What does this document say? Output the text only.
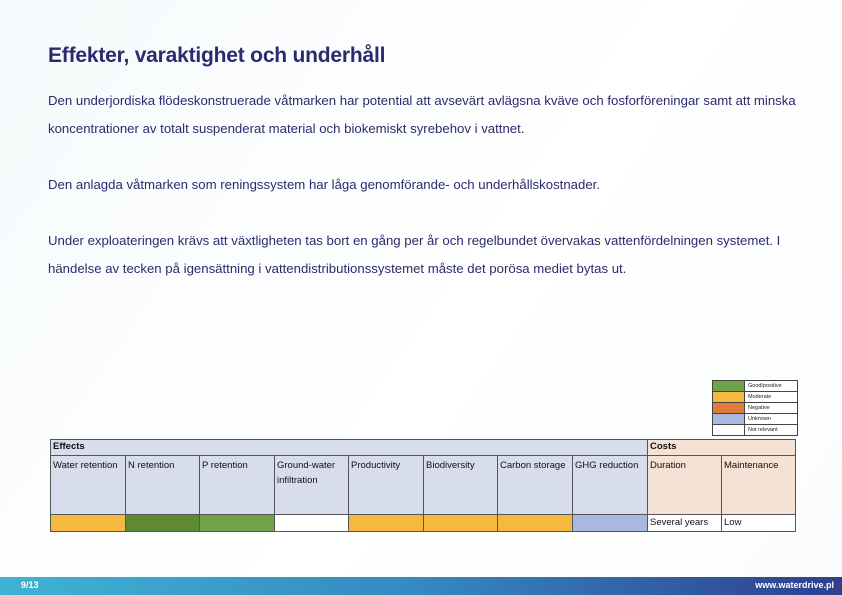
Effekter, varaktighet och underhåll
Den underjordiska flödeskonstruerade våtmarken har potential att avsevärt avlägsna kväve och fosforföreningar samt att minska koncentrationer av totalt suspenderat material och biokemiskt syrebehov i vattnet.
Den anlagda våtmarken som reningssystem har låga genomförande- och underhållskostnader.
Under exploateringen krävs att växtligheten tas bort en gång per år och regelbundet övervakas vattenfördelningen systemet. I händelse av tecken på igensättning i vattendistributionssystemet måste det porösa mediet bytas ut.
Good/positive
Moderate
Negative
Unknown
Not relevant
Effects								Costs	
Water retention	N retention	P retention	Ground-water infiltration	Productivity	Biodiversity	Carbon storage	GHG reduction	Duration	Maintenance
								Several years	Low
9/13	www.waterdrive.pl
